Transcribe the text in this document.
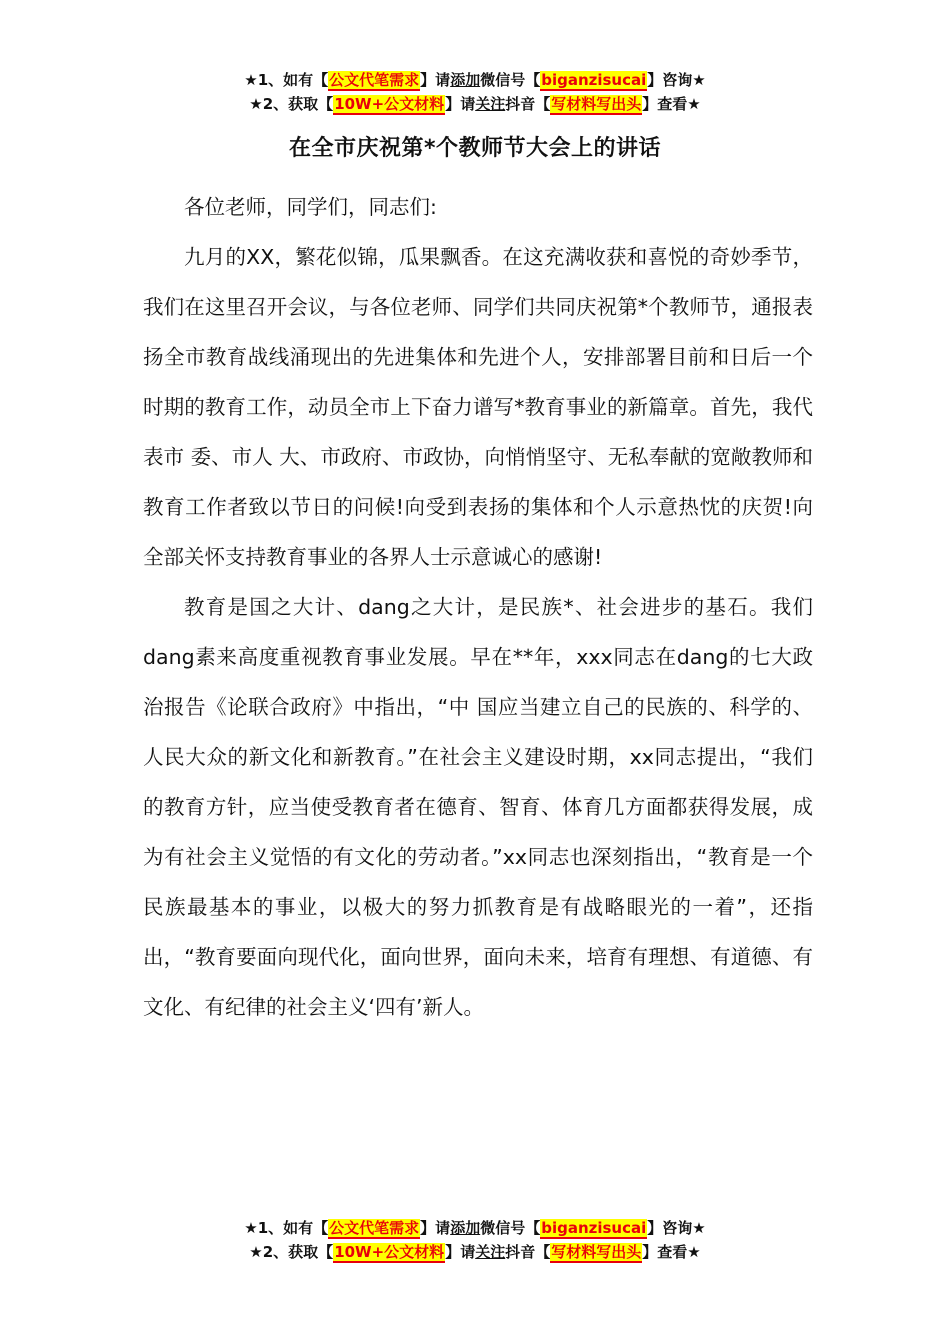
★1、如有【公文代笔需求】请添加微信号【biganzisucai】咨询★
★2、获取【10W+公文材料】请关注抖音【写材料写出头】查看★
在全市庆祝第*个教师节大会上的讲话

各位老师，同学们，同志们:

九月的XX，繁花似锦，瓜果飘香。在这充满收获和喜悦的奇妙季节，我们在这里召开会议，与各位老师、同学们共同庆祝第*个教师节，通报表扬全市教育战线涌现出的先进集体和先进个人，安排部署目前和日后一个时期的教育工作，动员全市上下奋力谱写*教育事业的新篇章。首先，我代表市 委、市人 大、市政府、市政协，向悄悄坚守、无私奉献的宽敞教师和教育工作者致以节日的问候!向受到表扬的集体和个人示意热忱的庆贺!向全部关怀支持教育事业的各界人士示意诚心的感谢!

教育是国之大计、dang之大计，是民族*、社会进步的基石。我们dang素来高度重视教育事业发展。早在**年，xxx同志在dang的七大政 治报告《论联合政府》中指出，“中 国应当建立自己的民族的、科学的、人民大众的新文化和新教育。”在社会主义建设时期，xx同志提出，“我们的教育方针，应当使受教育者在德育、智育、体育几方面都获得发展，成为有社会主义觉悟的有文化的劳动者。”xx同志也深刻指出，“教育是一个民族最基本的事业，以极大的努力抓教育是有战略眼光的一着”，还指出，“教育要面向现代化，面向世界，面向未来，培育有理想、有道德、有文化、有纪律的社会主义‘四有’新人。

★1、如有【公文代笔需求】请添加微信号【biganzisucai】咨询★
★2、获取【10W+公文材料】请关注抖音【写材料写出头】查看★
